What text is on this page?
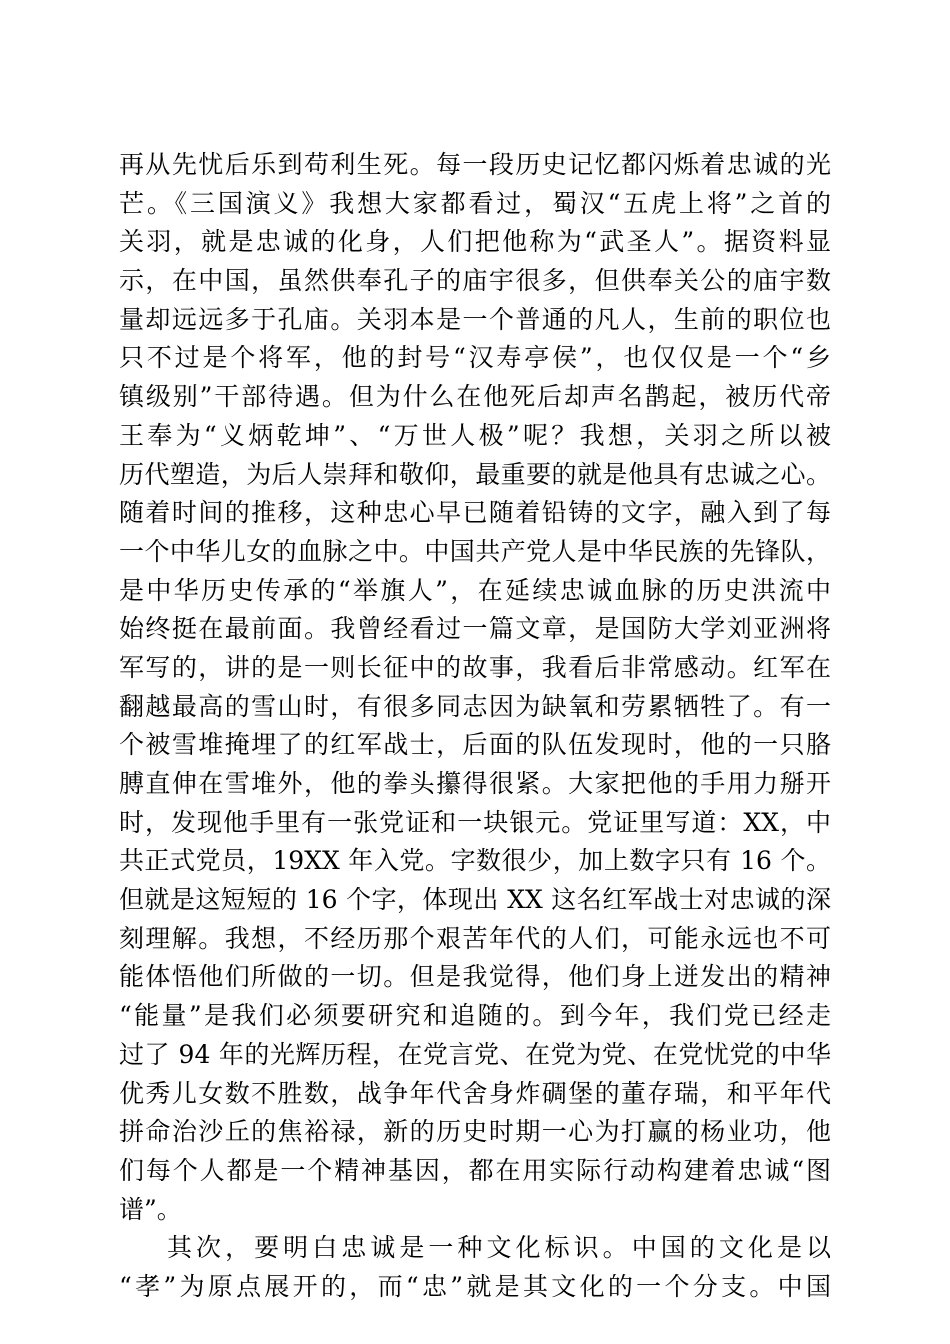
再从先忧后乐到苟利生死。每一段历史记忆都闪烁着忠诚的光
芒。《三国演义》我想大家都看过，蜀汉“五虎上将”之首的
关羽，就是忠诚的化身，人们把他称为“武圣人”。据资料显
示，在中国，虽然供奉孔子的庙宇很多，但供奉关公的庙宇数
量却远远多于孔庙。关羽本是一个普通的凡人，生前的职位也
只不过是个将军，他的封号“汉寿亭侯”，也仅仅是一个“乡
镇级别”干部待遇。但为什么在他死后却声名鹊起，被历代帝
王奉为“义炳乾坤”、“万世人极”呢？我想，关羽之所以被
历代塑造，为后人崇拜和敬仰，最重要的就是他具有忠诚之心。
随着时间的推移，这种忠心早已随着铅铸的文字，融入到了每
一个中华儿女的血脉之中。中国共产党人是中华民族的先锋队，
是中华历史传承的“举旗人”，在延续忠诚血脉的历史洪流中
始终挺在最前面。我曾经看过一篇文章，是国防大学刘亚洲将
军写的，讲的是一则长征中的故事，我看后非常感动。红军在
翻越最高的雪山时，有很多同志因为缺氧和劳累牺牲了。有一
个被雪堆掩埋了的红军战士，后面的队伍发现时，他的一只胳
膊直伸在雪堆外，他的拳头攥得很紧。大家把他的手用力掰开
时，发现他手里有一张党证和一块银元。党证里写道：XX，中
共正式党员，19XX 年入党。字数很少，加上数字只有 16 个。
但就是这短短的 16 个字，体现出 XX 这名红军战士对忠诚的深
刻理解。我想，不经历那个艰苦年代的人们，可能永远也不可
能体悟他们所做的一切。但是我觉得，他们身上迸发出的精神
“能量”是我们必须要研究和追随的。到今年，我们党已经走
过了 94 年的光辉历程，在党言党、在党为党、在党忧党的中华
优秀儿女数不胜数，战争年代舍身炸碉堡的董存瑞，和平年代
拼命治沙丘的焦裕禄，新的历史时期一心为打赢的杨业功，他
们每个人都是一个精神基因，都在用实际行动构建着忠诚“图
谱”。
其次，要明白忠诚是一种文化标识。中国的文化是以
“孝”为原点展开的，而“忠”就是其文化的一个分支。中国
